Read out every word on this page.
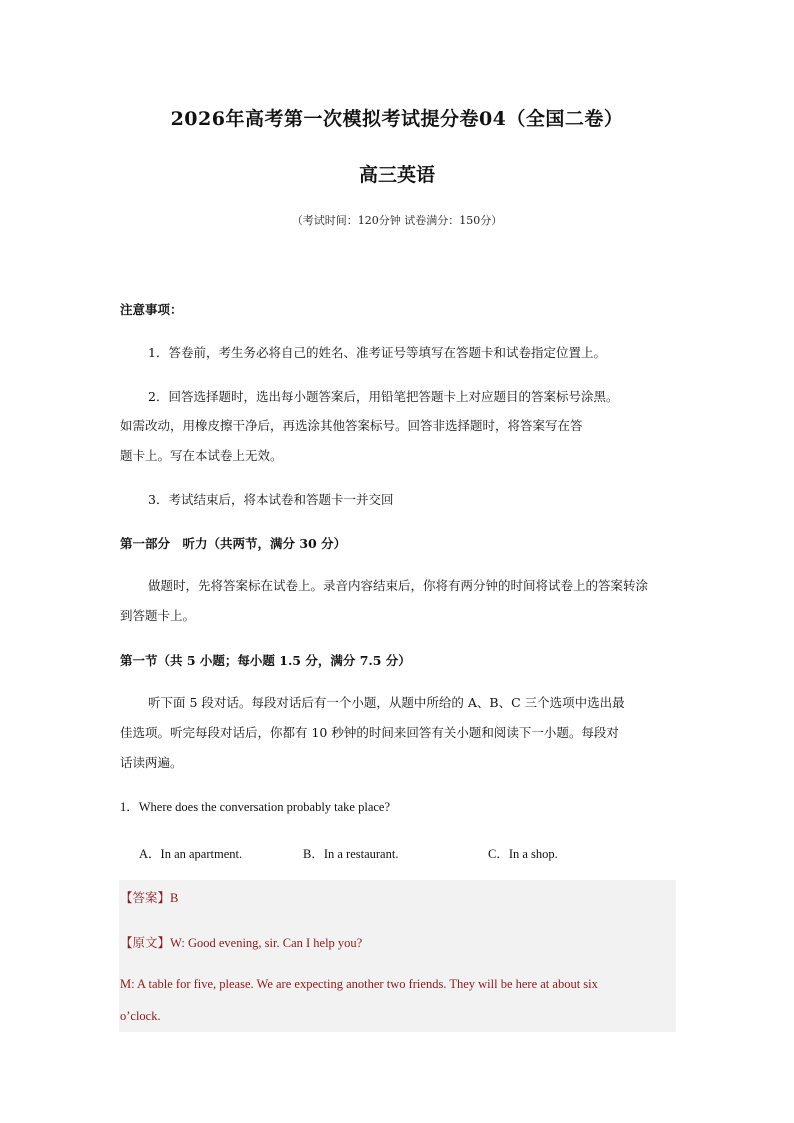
2026年高考第一次模拟考试提分卷04（全国二卷）
高三英语
（考试时间：120分钟 试卷满分：150分）
注意事项：
1．答卷前，考生务必将自己的姓名、准考证号等填写在答题卡和试卷指定位置上。
2．回答选择题时，选出每小题答案后，用铅笔把答题卡上对应题目的答案标号涂黑。
如需改动，用橡皮擦干净后，再选涂其他答案标号。回答非选择题时，将答案写在答
题卡上。写在本试卷上无效。
3．考试结束后，将本试卷和答题卡一并交回
第一部分　听力（共两节，满分 30 分）
做题时，先将答案标在试卷上。录音内容结束后，你将有两分钟的时间将试卷上的答案转涂
到答题卡上。
第一节（共 5 小题；每小题 1.5 分，满分 7.5 分）
听下面 5 段对话。每段对话后有一个小题，从题中所给的 A、B、C 三个选项中选出最
佳选项。听完每段对话后，你都有 10 秒钟的时间来回答有关小题和阅读下一小题。每段对
话读两遍。
1．Where does the conversation probably take place?
A．In an apartment.	B．In a restaurant.	C．In a shop.
【答案】B
【原文】W: Good evening, sir. Can I help you?
M: A table for five, please. We are expecting another two friends. They will be here at about six
o’clock.
